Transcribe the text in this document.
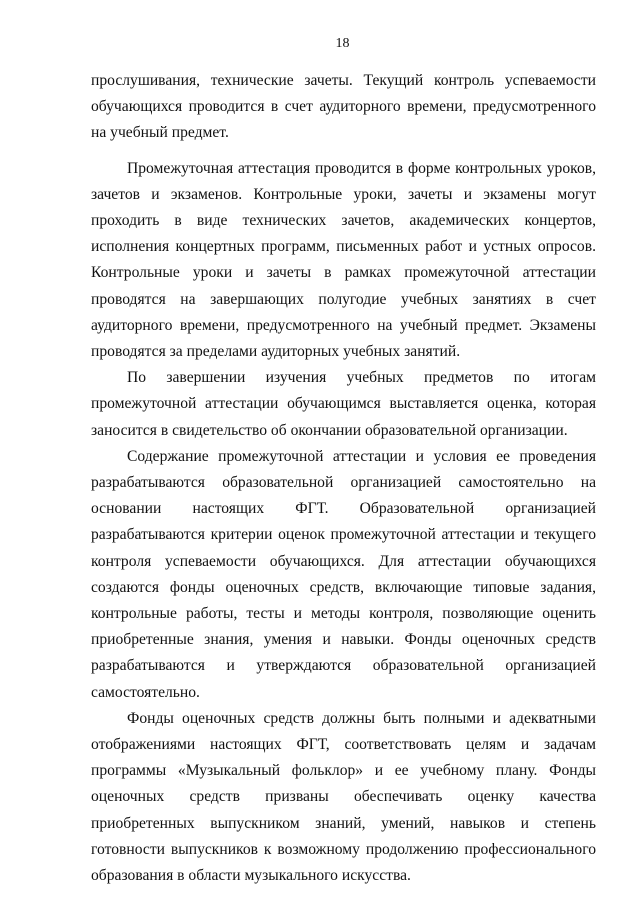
18

прослушивания, технические зачеты. Текущий контроль успеваемости обучающихся проводится в счет аудиторного времени, предусмотренного на учебный предмет.

Промежуточная аттестация проводится в форме контрольных уроков, зачетов и экзаменов. Контрольные уроки, зачеты и экзамены могут проходить в виде технических зачетов, академических концертов, исполнения концертных программ, письменных работ и устных опросов. Контрольные уроки и зачеты в рамках промежуточной аттестации проводятся на завершающих полугодие учебных занятиях в счет аудиторного времени, предусмотренного на учебный предмет. Экзамены проводятся за пределами аудиторных учебных занятий.

По завершении изучения учебных предметов по итогам промежуточной аттестации обучающимся выставляется оценка, которая заносится в свидетельство об окончании образовательной организации.

Содержание промежуточной аттестации и условия ее проведения разрабатываются образовательной организацией самостоятельно на основании настоящих ФГТ. Образовательной организацией разрабатываются критерии оценок промежуточной аттестации и текущего контроля успеваемости обучающихся. Для аттестации обучающихся создаются фонды оценочных средств, включающие типовые задания, контрольные работы, тесты и методы контроля, позволяющие оценить приобретенные знания, умения и навыки. Фонды оценочных средств разрабатываются и утверждаются образовательной организацией самостоятельно.

Фонды оценочных средств должны быть полными и адекватными отображениями настоящих ФГТ, соответствовать целям и задачам программы «Музыкальный фольклор» и ее учебному плану. Фонды оценочных средств призваны обеспечивать оценку качества приобретенных выпускником знаний, умений, навыков и степень готовности выпускников к возможному продолжению профессионального образования в области музыкального искусства.
